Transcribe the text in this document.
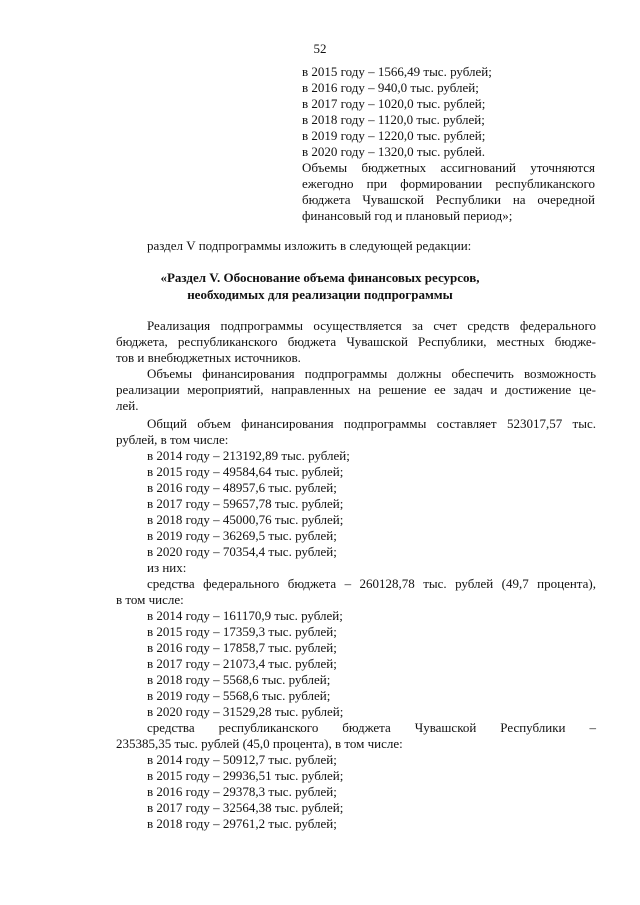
52
в 2015 году – 1566,49 тыс. рублей;
в 2016 году – 940,0 тыс. рублей;
в 2017 году – 1020,0 тыс. рублей;
в 2018 году – 1120,0 тыс. рублей;
в 2019 году – 1220,0 тыс. рублей;
в 2020 году – 1320,0 тыс. рублей.
Объемы бюджетных ассигнований уточняются
ежегодно при формировании республиканского
бюджета Чувашской Республики на очередной
финансовый год и плановый период»;
раздел V подпрограммы изложить в следующей редакции:
«Раздел V. Обоснование объема финансовых ресурсов,
необходимых для реализации подпрограммы
Реализация подпрограммы осуществляется за счет средств федерального
бюджета, республиканского бюджета Чувашской Республики, местных бюдже-
тов и внебюджетных источников.
Объемы финансирования подпрограммы должны обеспечить возможность
реализации мероприятий, направленных на решение ее задач и достижение це-
лей.
Общий объем финансирования подпрограммы составляет 523017,57 тыс.
рублей, в том числе:
в 2014 году – 213192,89 тыс. рублей;
в 2015 году – 49584,64 тыс. рублей;
в 2016 году – 48957,6 тыс. рублей;
в 2017 году – 59657,78 тыс. рублей;
в 2018 году – 45000,76 тыс. рублей;
в 2019 году – 36269,5 тыс. рублей;
в 2020 году – 70354,4 тыс. рублей;
из них:
средства федерального бюджета – 260128,78 тыс. рублей (49,7 процента),
в том числе:
в 2014 году – 161170,9 тыс. рублей;
в 2015 году – 17359,3 тыс. рублей;
в 2016 году – 17858,7 тыс. рублей;
в 2017 году – 21073,4 тыс. рублей;
в 2018 году – 5568,6 тыс. рублей;
в 2019 году – 5568,6 тыс. рублей;
в 2020 году – 31529,28 тыс. рублей;
средства республиканского бюджета Чувашской Республики –
235385,35 тыс. рублей (45,0 процента), в том числе:
в 2014 году – 50912,7 тыс. рублей;
в 2015 году – 29936,51 тыс. рублей;
в 2016 году – 29378,3 тыс. рублей;
в 2017 году – 32564,38 тыс. рублей;
в 2018 году – 29761,2 тыс. рублей;
